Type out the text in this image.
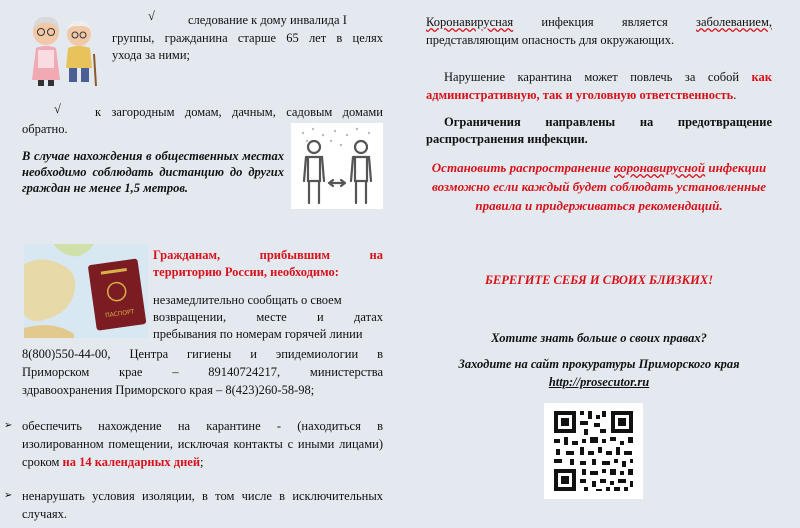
√	следование к дому инвалида I
группы, гражданина старше 65 лет в целях
ухода за ними;
√	к загородным домам, дачным, садовым домами
обратно.
В случае нахождения в общественных местах необходимо соблюдать дистанцию до других граждан не менее 1,5 метров.
ПАСПОРТ
Гражданам, прибывшим на
территорию России, необходимо:
незамедлительно сообщать о своем
возвращении, месте и датах
пребывания по номерам горячей линии
8(800)550-44-00, Центра гигиены и эпидемиологии в
Приморском крае – 89140724217, министерства
здравоохранения Приморского края – 8(423)260-58-98;
➢ обеспечить нахождение на карантине - (находиться в изолированном помещении, исключая контакты с иными лицами) сроком на 14 календарных дней;
➢ ненарушать условия изоляции, в том числе в исключительных случаях.
Коронавирусная инфекция является заболеванием,
представляющим опасность для окружающих.
Нарушение карантина может повлечь за собой как административную, так и уголовную ответственность.
Ограничения направлены на предотвращение распространения инфекции.
Остановить распространение коронавирусной инфекции возможно если каждый будет соблюдать установленные правила и придерживаться рекомендаций.
БЕРЕГИТЕ СЕБЯ И СВОИХ БЛИЗКИХ!
Хотите знать больше о своих правах?
Заходите на сайт прокуратуры Приморского края
http://prosecutor.ru
